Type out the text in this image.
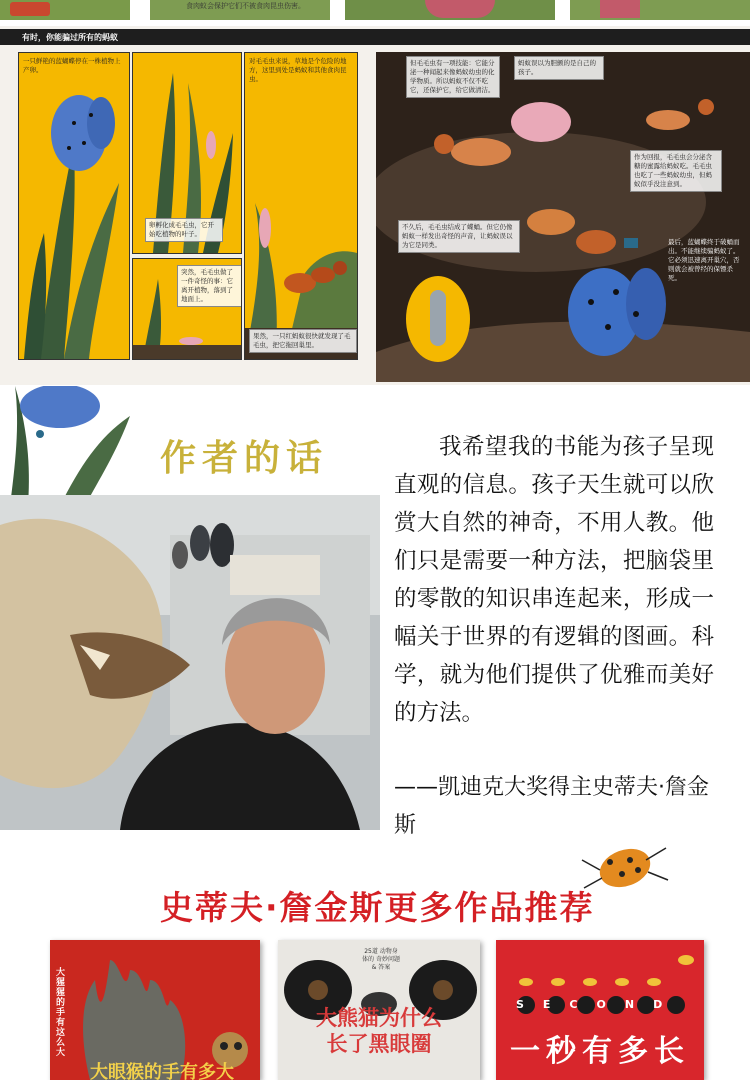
食肉蚁会保护它们不被食肉昆虫伤害。
有时，你能骗过所有的蚂蚁
一只鲜艳的蓝蝴蝶停在一株植物上产卵。
卵孵化成毛毛虫，它开始吃植物的叶子。
突然，毛毛虫做了一件奇怪的事：它离开植物，落到了地面上。
对毛毛虫来说，草地是个危险的地方，这里到处是蚂蚁和其他食肉昆虫。
果然，一只红蚂蚁很快就发现了毛毛虫，把它拖回巢里。
但毛毛虫有一项技能：它能分泌一种闻起来像蚂蚁幼虫的化学物质。所以蚂蚁不仅不吃它，还保护它，给它做清洁。
蚂蚁误以为胆颤的是自己的孩子。
作为回报，毛毛虫会分泌含糖的蜜露给蚂蚁吃。毛毛虫也吃了一些蚂蚁幼虫，但蚂蚁似乎没注意到。
不久后，毛毛虫结成了蝶蛹。但它仍像蚂蚁一样发出奇怪的声音，让蚂蚁误以为它是同类。	最后，蓝蝴蝶终于破蛹而出。不能继续骗蚂蚁了。它必须迅速离开巢穴，否则就会被曾经的保镖杀死。
作者的话	我希望我的书能为孩子呈现直观的信息。孩子天生就可以欣赏大自然的神奇，不用人教。他们只是需要一种方法，把脑袋里的零散的知识串连起来，形成一幅关于世界的有逻辑的图画。科学，就为他们提供了优雅而美好的方法。

——凯迪克大奖得主史蒂夫·詹金斯
史蒂夫·詹金斯更多作品推荐
大猩猩的手有这么大
大眼猴的手有多大
25道 动物身体的 奇妙问题 & 答案
大熊猫为什么
长了黑眼圈
SECOND
一秒有多长
